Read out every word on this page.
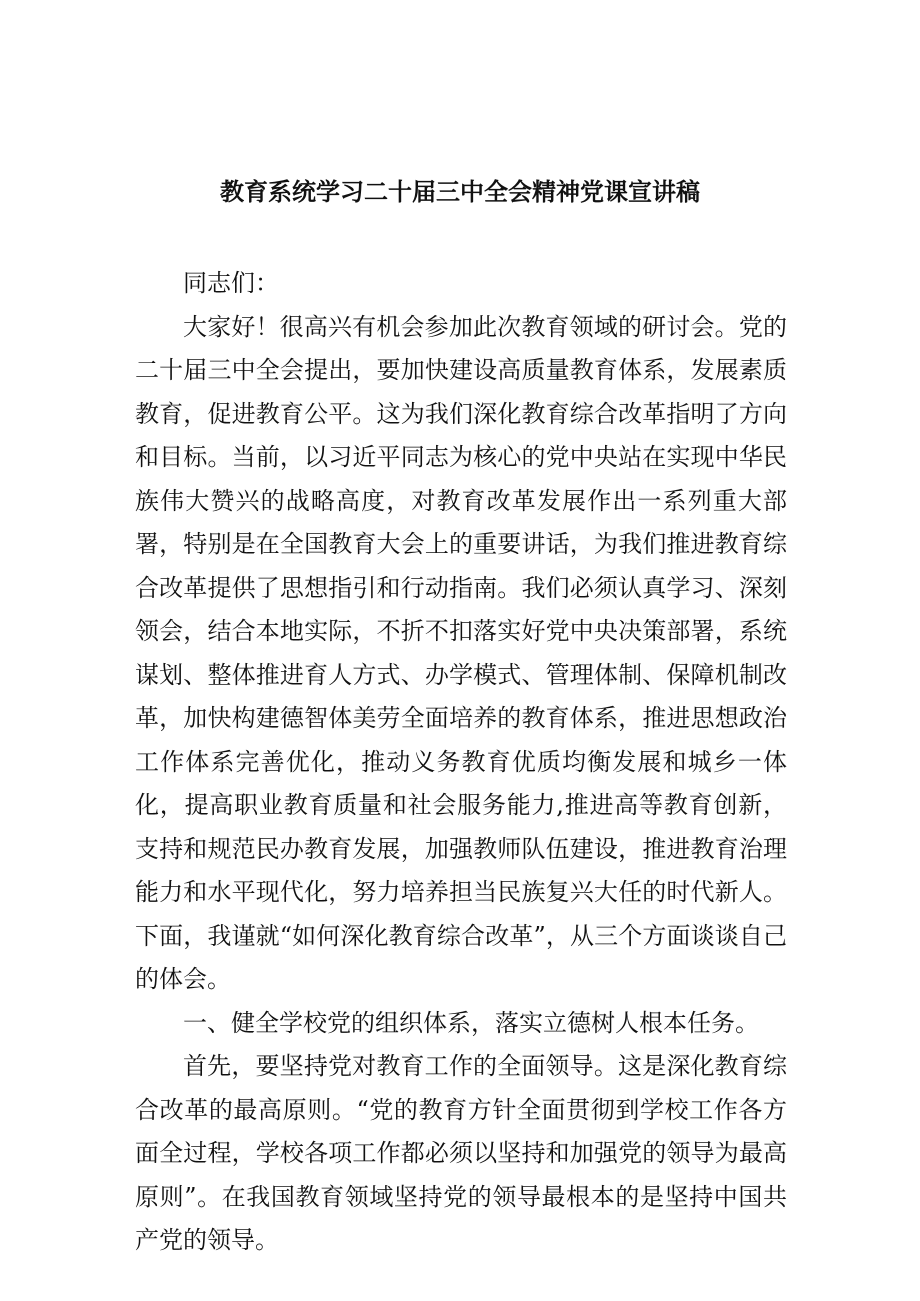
教育系统学习二十届三中全会精神党课宣讲稿

同志们：

大家好！很高兴有机会参加此次教育领域的研讨会。党的二十届三中全会提出，要加快建设高质量教育体系，发展素质教育，促进教育公平。这为我们深化教育综合改革指明了方向和目标。当前，以习近平同志为核心的党中央站在实现中华民族伟大赞兴的战略高度，对教育改革发展作出一系列重大部署，特别是在全国教育大会上的重要讲话，为我们推进教育综合改革提供了思想指引和行动指南。我们必须认真学习、深刻领会，结合本地实际，不折不扣落实好党中央决策部署，系统谋划、整体推进育人方式、办学模式、管理体制、保障机制改革，加快构建德智体美劳全面培养的教育体系，推进思想政治工作体系完善优化，推动义务教育优质均衡发展和城乡一体化，提高职业教育质量和社会服务能力,推进高等教育创新，支持和规范民办教育发展，加强教师队伍建设，推进教育治理能力和水平现代化，努力培养担当民族复兴大任的时代新人。下面，我谨就“如何深化教育综合改革”，从三个方面谈谈自己的体会。

一、健全学校党的组织体系，落实立德树人根本任务。

首先，要坚持党对教育工作的全面领导。这是深化教育综合改革的最高原则。“党的教育方针全面贯彻到学校工作各方面全过程，学校各项工作都必须以坚持和加强党的领导为最高原则”。在我国教育领域坚持党的领导最根本的是坚持中国共产党的领导。
